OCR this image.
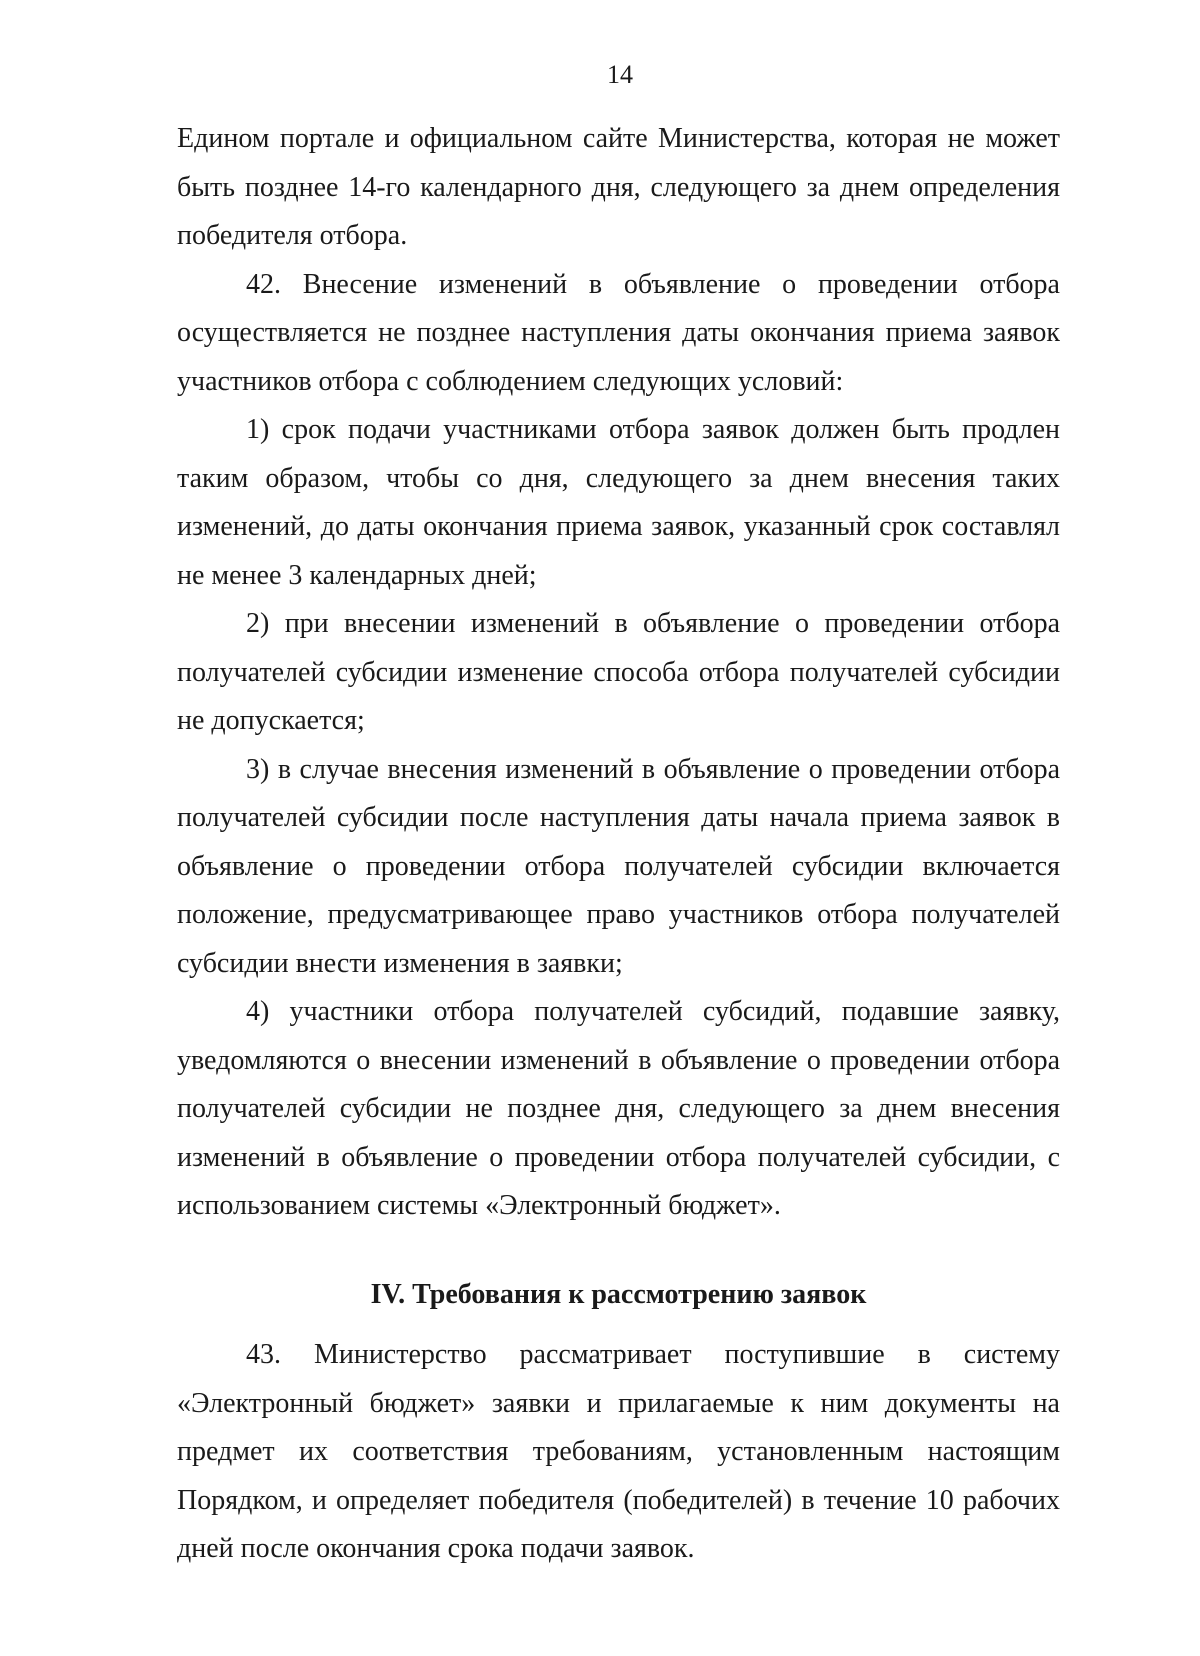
14

Едином портале и официальном сайте Министерства, которая не может быть позднее 14-го календарного дня, следующего за днем определения победителя отбора.

42. Внесение изменений в объявление о проведении отбора осуществляется не позднее наступления даты окончания приема заявок участников отбора с соблюдением следующих условий:

1) срок подачи участниками отбора заявок должен быть продлен таким образом, чтобы со дня, следующего за днем внесения таких изменений, до даты окончания приема заявок, указанный срок составлял не менее 3 календарных дней;

2) при внесении изменений в объявление о проведении отбора получателей субсидии изменение способа отбора получателей субсидии не допускается;

3) в случае внесения изменений в объявление о проведении отбора получателей субсидии после наступления даты начала приема заявок в объявление о проведении отбора получателей субсидии включается положение, предусматривающее право участников отбора получателей субсидии внести изменения в заявки;

4) участники отбора получателей субсидий, подавшие заявку, уведомляются о внесении изменений в объявление о проведении отбора получателей субсидии не позднее дня, следующего за днем внесения изменений в объявление о проведении отбора получателей субсидии, с использованием системы «Электронный бюджет».

IV. Требования к рассмотрению заявок

43. Министерство рассматривает поступившие в систему «Электронный бюджет» заявки и прилагаемые к ним документы на предмет их соответствия требованиям, установленным настоящим Порядком, и определяет победителя (победителей) в течение 10 рабочих дней после окончания срока подачи заявок.
